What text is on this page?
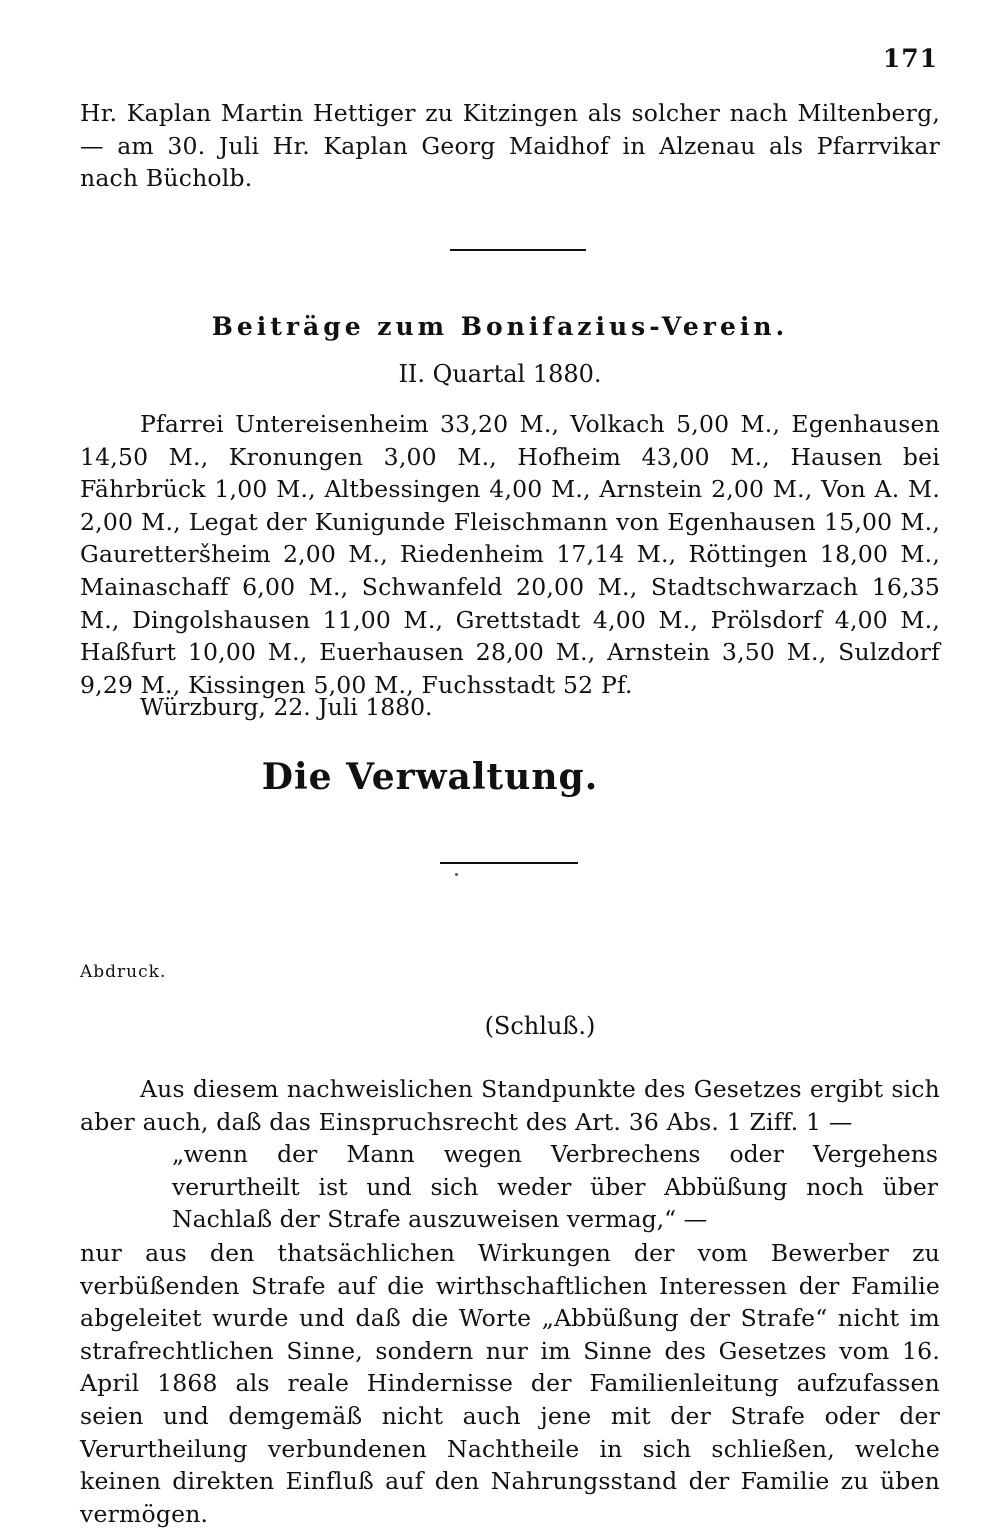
171
Hr. Kaplan Martin Hettiger zu Kitzingen als solcher nach Miltenberg, — am 30. Juli Hr. Kaplan Georg Maidhof in Alzenau als Pfarrvikar nach Bücholb.
Beiträge zum Bonifazius-Verein.
II. Quartal 1880.
Pfarrei Untereisenheim 33,20 M., Volkach 5,00 M., Egenhausen 14,50 M., Kronungen 3,00 M., Hofheim 43,00 M., Hausen bei Fährbrück 1,00 M., Altbessingen 4,00 M., Arnstein 2,00 M., Von A. M. 2,00 M., Legat der Kunigunde Fleischmann von Egenhausen 15,00 M., Gauretteršheim 2,00 M., Riedenheim 17,14 M., Röttingen 18,00 M., Mainaschaff 6,00 M., Schwanfeld 20,00 M., Stadtschwarzach 16,35 M., Dingolshausen 11,00 M., Grettstadt 4,00 M., Prölsdorf 4,00 M., Haßfurt 10,00 M., Euerhausen 28,00 M., Arnstein 3,50 M., Sulzdorf 9,29 M., Kissingen 5,00 M., Fuchsstadt 52 Pf.
Würzburg, 22. Juli 1880.
Die Verwaltung.
Abdruck.
(Schluß.)
Aus diesem nachweislichen Standpunkte des Gesetzes ergibt sich aber auch, daß das Einspruchsrecht des Art. 36 Abs. 1 Ziff. 1 —
„wenn der Mann wegen Verbrechens oder Vergehens verurtheilt ist und sich weder über Abbüßung noch über Nachlaß der Strafe auszuweisen vermag,“ —
nur aus den thatsächlichen Wirkungen der vom Bewerber zu verbüßenden Strafe auf die wirthschaftlichen Interessen der Familie abgeleitet wurde und daß die Worte „Abbüßung der Strafe“ nicht im strafrechtlichen Sinne, sondern nur im Sinne des Gesetzes vom 16. April 1868 als reale Hindernisse der Familienleitung aufzufassen seien und demgemäß nicht auch jene mit der Strafe oder der Verurtheilung verbundenen Nachtheile in sich schließen, welche keinen direkten Einfluß auf den Nahrungsstand der Familie zu üben vermögen.
